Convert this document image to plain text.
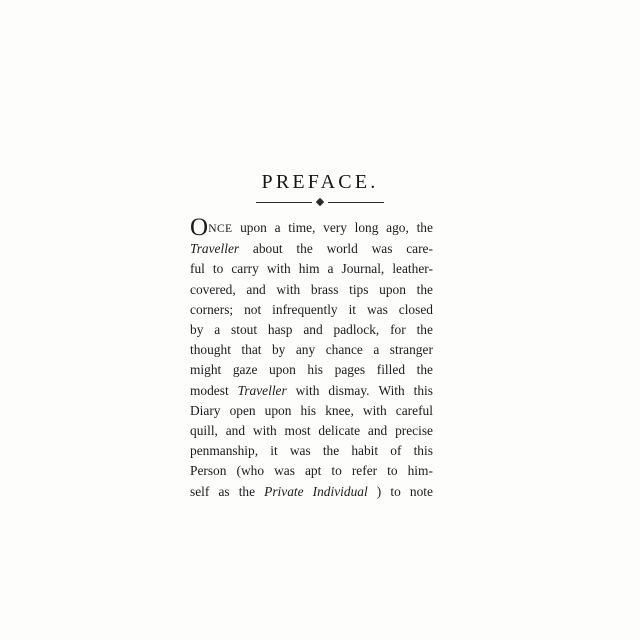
PREFACE.

ONCE upon a time, very long ago, the
Traveller about the world was care-
ful to carry with him a Journal, leather-
covered, and with brass tips upon the
corners; not infrequently it was closed
by a stout hasp and padlock, for the
thought that by any chance a stranger
might gaze upon his pages filled the
modest Traveller with dismay. With this
Diary open upon his knee, with careful
quill, and with most delicate and precise
penmanship, it was the habit of this
Person (who was apt to refer to him-
self as the Private Individual ) to note
